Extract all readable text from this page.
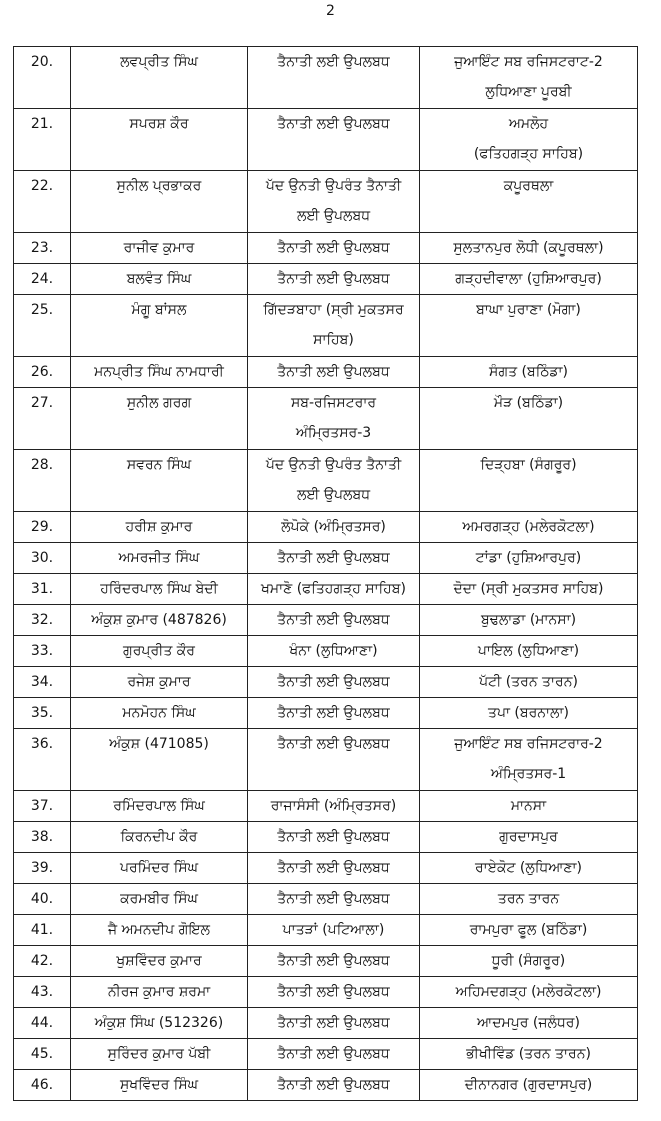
2
20.	ਲਵਪ੍ਰੀਤ ਸਿੰਘ	ਤੈਨਾਤੀ ਲਈ ਉਪਲਬਧ	ਜੁਆਇੰਟ ਸਬ ਰਜਿਸਟਰਾਟ-2
ਲੁਧਿਆਣਾ ਪੂਰਬੀ

21.	ਸਪਰਸ਼ ਕੌਰ	ਤੈਨਾਤੀ ਲਈ ਉਪਲਬਧ	ਅਮਲੋਹ
(ਫਤਿਹਗੜ੍ਹ ਸਾਹਿਬ)

22.	ਸੁਨੀਲ ਪ੍ਰਭਾਕਰ	ਪੱਦ ਉਨਤੀ ਉਪਰੰਤ ਤੈਨਾਤੀ
ਲਈ ਉਪਲਬਧ	ਕਪੂਰਥਲਾ

23.	ਰਾਜੀਵ ਕੁਮਾਰ	ਤੈਨਾਤੀ ਲਈ ਉਪਲਬਧ	ਸੁਲਤਾਨਪੁਰ ਲੋਧੀ (ਕਪੂਰਥਲਾ)

24.	ਬਲਵੰਤ ਸਿੰਘ	ਤੈਨਾਤੀ ਲਈ ਉਪਲਬਧ	ਗੜ੍ਹਦੀਵਾਲਾ (ਹੁਸ਼ਿਆਰਪੁਰ)

25.	ਮੰਗੂ ਬਾਂਸਲ	ਗਿੱਦੜਬਾਹਾ (ਸ੍ਰੀ ਮੁਕਤਸਰ
ਸਾਹਿਬ)	ਬਾਘਾ ਪੁਰਾਣਾ (ਮੋਗਾ)

26.	ਮਨਪ੍ਰੀਤ ਸਿੰਘ ਨਾਮਧਾਰੀ	ਤੈਨਾਤੀ ਲਈ ਉਪਲਬਧ	ਸੰਗਤ (ਬਠਿੰਡਾ)

27.	ਸੁਨੀਲ ਗਰਗ	ਸਬ-ਰਜਿਸਟਰਾਰ
ਅੰਮ੍ਰਿਤਸਰ-3	ਮੌੜ (ਬਠਿੰਡਾ)

28.	ਸਵਰਨ ਸਿੰਘ	ਪੱਦ ਉਨਤੀ ਉਪਰੰਤ ਤੈਨਾਤੀ
ਲਈ ਉਪਲਬਧ	ਦਿੜ੍ਹਬਾ (ਸੰਗਰੂਰ)

29.	ਹਰੀਸ਼ ਕੁਮਾਰ	ਲੋਪੋਕੇ (ਅੰਮ੍ਰਿਤਸਰ)	ਅਮਰਗੜ੍ਹ (ਮਲੇਰਕੋਟਲਾ)

30.	ਅਮਰਜੀਤ ਸਿੰਘ	ਤੈਨਾਤੀ ਲਈ ਉਪਲਬਧ	ਟਾਂਡਾ (ਹੁਸ਼ਿਆਰਪੁਰ)

31.	ਹਰਿੰਦਰਪਾਲ ਸਿੰਘ ਬੇਦੀ	ਖਮਾਣੋ (ਫਤਿਹਗੜ੍ਹ ਸਾਹਿਬ)	ਦੋਦਾ (ਸ੍ਰੀ ਮੁਕਤਸਰ ਸਾਹਿਬ)

32.	ਅੰਕੁਸ਼ ਕੁਮਾਰ (487826)	ਤੈਨਾਤੀ ਲਈ ਉਪਲਬਧ	ਬੁਢਲਾਡਾ (ਮਾਨਸਾ)

33.	ਗੁਰਪ੍ਰੀਤ ਕੌਰ	ਖੰਨਾ (ਲੁਧਿਆਣਾ)	ਪਾਇਲ (ਲੁਧਿਆਣਾ)

34.	ਰਜੇਸ਼ ਕੁਮਾਰ	ਤੈਨਾਤੀ ਲਈ ਉਪਲਬਧ	ਪੱਟੀ (ਤਰਨ ਤਾਰਨ)

35.	ਮਨਮੋਹਨ ਸਿੰਘ	ਤੈਨਾਤੀ ਲਈ ਉਪਲਬਧ	ਤਪਾ (ਬਰਨਾਲਾ)

36.	ਅੰਕੁਸ਼ (471085)	ਤੈਨਾਤੀ ਲਈ ਉਪਲਬਧ	ਜੁਆਇੰਟ ਸਬ ਰਜਿਸਟਰਾਰ-2
ਅੰਮ੍ਰਿਤਸਰ-1

37.	ਰਮਿੰਦਰਪਾਲ ਸਿੰਘ	ਰਾਜਾਸੰਸੀ (ਅੰਮ੍ਰਿਤਸਰ)	ਮਾਨਸਾ

38.	ਕਿਰਨਦੀਪ ਕੌਰ	ਤੈਨਾਤੀ ਲਈ ਉਪਲਬਧ	ਗੁਰਦਾਸਪੁਰ

39.	ਪਰਮਿੰਦਰ ਸਿੰਘ	ਤੈਨਾਤੀ ਲਈ ਉਪਲਬਧ	ਰਾਏਕੋਟ (ਲੁਧਿਆਣਾ)

40.	ਕਰਮਬੀਰ ਸਿੰਘ	ਤੈਨਾਤੀ ਲਈ ਉਪਲਬਧ	ਤਰਨ ਤਾਰਨ

41.	ਜੈ ਅਮਨਦੀਪ ਗੋਇਲ	ਪਾਤੜਾਂ (ਪਟਿਆਲਾ)	ਰਾਮਪੁਰਾ ਫੂਲ (ਬਠਿੰਡਾ)

42.	ਖੁਸ਼ਵਿੰਦਰ ਕੁਮਾਰ	ਤੈਨਾਤੀ ਲਈ ਉਪਲਬਧ	ਧੂਰੀ (ਸੰਗਰੂਰ)

43.	ਨੀਰਜ ਕੁਮਾਰ ਸ਼ਰਮਾ	ਤੈਨਾਤੀ ਲਈ ਉਪਲਬਧ	ਅਹਿਮਦਗੜ੍ਹ (ਮਲੇਰਕੋਟਲਾ)

44.	ਅੰਕੁਸ਼ ਸਿੰਘ (512326)	ਤੈਨਾਤੀ ਲਈ ਉਪਲਬਧ	ਆਦਮਪੁਰ (ਜਲੰਧਰ)

45.	ਸੁਰਿੰਦਰ ਕੁਮਾਰ ਪੱਬੀ	ਤੈਨਾਤੀ ਲਈ ਉਪਲਬਧ	ਭੀਖੀਵਿੰਡ (ਤਰਨ ਤਾਰਨ)

46.	ਸੁਖਵਿੰਦਰ ਸਿੰਘ	ਤੈਨਾਤੀ ਲਈ ਉਪਲਬਧ	ਦੀਨਾਨਗਰ (ਗੁਰਦਾਸਪੁਰ)
